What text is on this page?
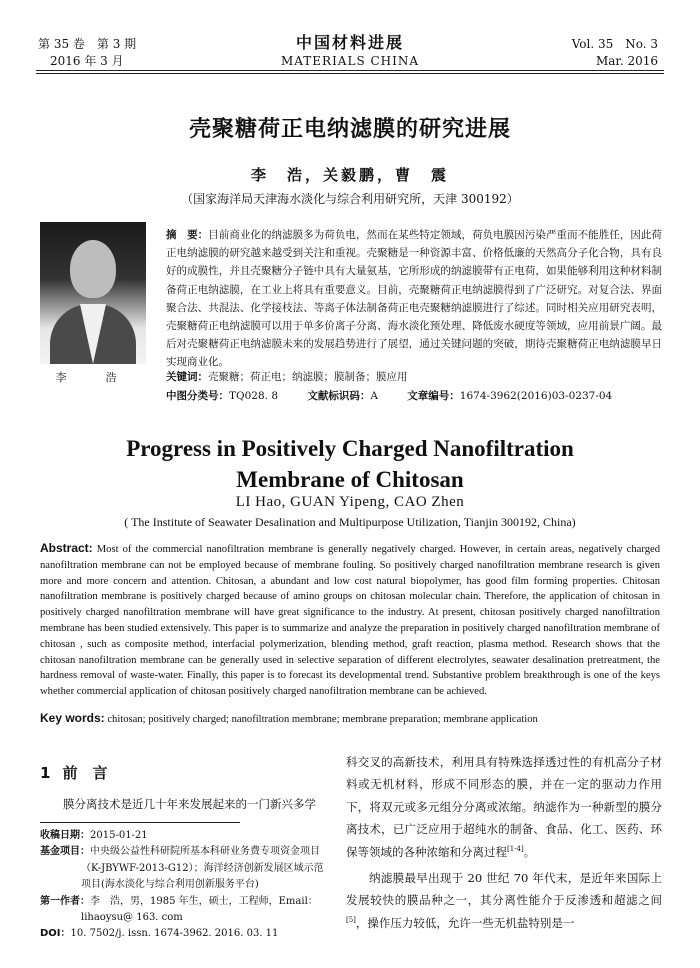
第 35 卷　第 3 期
2016 年 3 月
中国材料进展
MATERIALS CHINA
Vol. 35　No. 3
Mar. 2016
壳聚糖荷正电纳滤膜的研究进展
李　浩，关毅鹏，曹　震
（国家海洋局天津海水淡化与综合利用研究所，天津 300192）
李　浩
摘　要：目前商业化的纳滤膜多为荷负电，然而在某些特定领域，荷负电膜因污染严重而不能胜任，因此荷正电纳滤膜的研究越来越受到关注和重视。壳聚糖是一种资源丰富、价格低廉的天然高分子化合物，具有良好的成膜性，并且壳聚糖分子链中具有大量氨基，它所形成的纳滤膜带有正电荷，如果能够利用这种材料制备荷正电纳滤膜，在工业上将具有重要意义。目前，壳聚糖荷正电纳滤膜得到了广泛研究。对复合法、界面聚合法、共混法、化学接枝法、等离子体法制备荷正电壳聚糖纳滤膜进行了综述。同时相关应用研究表明，壳聚糖荷正电纳滤膜可以用于单多价离子分离、海水淡化预处理、降低废水硬度等领域，应用前景广阔。最后对壳聚糖荷正电纳滤膜未来的发展趋势进行了展望，通过关键问题的突破，期待壳聚糖荷正电纳滤膜早日实现商业化。
关键词：壳聚糖；荷正电；纳滤膜；膜制备；膜应用
中图分类号：TQ028. 8	文献标识码：A	文章编号：1674-3962(2016)03-0237-04
Progress in Positively Charged Nanofiltration
Membrane of Chitosan
LI Hao, GUAN Yipeng, CAO Zhen
( The Institute of Seawater Desalination and Multipurpose Utilization, Tianjin 300192, China)
Abstract: Most of the commercial nanofiltration membrane is generally negatively charged. However, in certain areas, negatively charged nanofiltration membrane can not be employed because of membrane fouling. So positively charged nanofiltration membrane research is given more and more concern and attention. Chitosan, a abundant and low cost natural biopolymer, has good film forming properties. Chitosan nanofiltration membrane is positively charged because of amino groups on chitosan molecular chain. Therefore, the application of chitosan in positively charged nanofiltration membrane will have great significance to the industry. At present, chitosan positively charged nanofiltration membrane has been studied extensively. This paper is to summarize and analyze the preparation in positively charged nanofiltration membrane of chitosan , such as composite method, interfacial polymerization, blending method, graft reaction, plasma method. Research shows that the chitosan nanofiltration membrane can be generally used in selective separation of different electrolytes, seawater desalination pretreatment, the hardness removal of waste-water. Finally, this paper is to forecast its developmental trend. Substantive problem breakthrough is one of the keys whether commercial application of chitosan positively charged nanofiltration membrane can be achieved.
Key words: chitosan; positively charged; nanofiltration membrane; membrane preparation; membrane application
1 前　言
膜分离技术是近几十年来发展起来的一门新兴多学
收稿日期：2015-01-21
基金项目：中央级公益性科研院所基本科研业务费专项资金项目
（K-JBYWF-2013-G12）；海洋经济创新发展区域示范
项目(海水淡化与综合利用创新服务平台)
第一作者：李　浩，男，1985 年生，硕士，工程师，Email：
lihaoysu@ 163. com
DOI：10. 7502/j. issn. 1674-3962. 2016. 03. 11

科交叉的高新技术，利用具有特殊选择透过性的有机高分子材料或无机材料，形成不同形态的膜，并在一定的驱动力作用下，将双元或多元组分分离或浓缩。纳滤作为一种新型的膜分离技术，已广泛应用于超纯水的制备、食品、化工、医药、环保等领域的各种浓缩和分离过程[1-4]。

纳滤膜最早出现于 20 世纪 70 年代末，是近年来国际上发展较快的膜品种之一，其分离性能介于反渗透和超滤之间[5]，操作压力较低，允许一些无机盐特别是一
